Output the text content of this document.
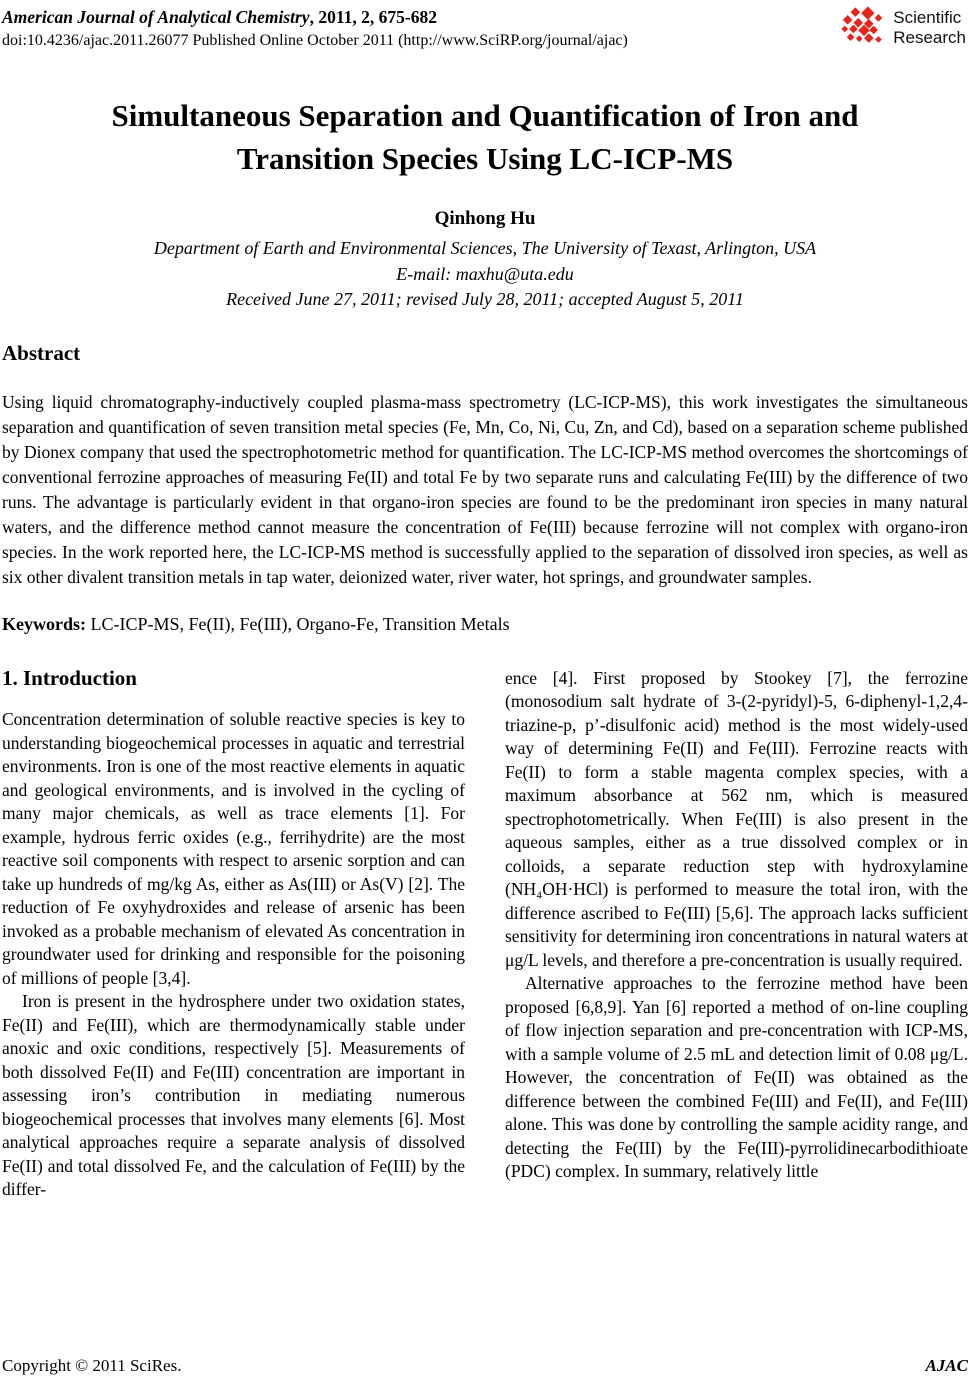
American Journal of Analytical Chemistry, 2011, 2, 675-682
doi:10.4236/ajac.2011.26077 Published Online October 2011 (http://www.SciRP.org/journal/ajac)
Scientific
Research
Simultaneous Separation and Quantification of Iron and
Transition Species Using LC-ICP-MS
Qinhong Hu
Department of Earth and Environmental Sciences, The University of Texast, Arlington, USA
E-mail: maxhu@uta.edu
Received June 27, 2011; revised July 28, 2011; accepted August 5, 2011
Abstract

Using liquid chromatography-inductively coupled plasma-mass spectrometry (LC-ICP-MS), this work investigates the simultaneous separation and quantification of seven transition metal species (Fe, Mn, Co, Ni, Cu, Zn, and Cd), based on a separation scheme published by Dionex company that used the spectrophotometric method for quantification. The LC-ICP-MS method overcomes the shortcomings of conventional ferrozine approaches of measuring Fe(II) and total Fe by two separate runs and calculating Fe(III) by the difference of two runs. The advantage is particularly evident in that organo-iron species are found to be the predominant iron species in many natural waters, and the difference method cannot measure the concentration of Fe(III) because ferrozine will not complex with organo-iron species. In the work reported here, the LC-ICP-MS method is successfully applied to the separation of dissolved iron species, as well as six other divalent transition metals in tap water, deionized water, river water, hot springs, and groundwater samples.

Keywords: LC-ICP-MS, Fe(II), Fe(III), Organo-Fe, Transition Metals
1. Introduction

Concentration determination of soluble reactive species is key to understanding biogeochemical processes in aquatic and terrestrial environments. Iron is one of the most reactive elements in aquatic and geological environments, and is involved in the cycling of many major chemicals, as well as trace elements [1]. For example, hydrous ferric oxides (e.g., ferrihydrite) are the most reactive soil components with respect to arsenic sorption and can take up hundreds of mg/kg As, either as As(III) or As(V) [2]. The reduction of Fe oxyhydroxides and release of arsenic has been invoked as a probable mechanism of elevated As concentration in groundwater used for drinking and responsible for the poisoning of millions of people [3,4].

Iron is present in the hydrosphere under two oxidation states, Fe(II) and Fe(III), which are thermodynamically stable under anoxic and oxic conditions, respectively [5]. Measurements of both dissolved Fe(II) and Fe(III) concentration are important in assessing iron’s contribution in mediating numerous biogeochemical processes that involves many elements [6]. Most analytical approaches require a separate analysis of dissolved Fe(II) and total dissolved Fe, and the calculation of Fe(III) by the differ-

ence [4]. First proposed by Stookey [7], the ferrozine (monosodium salt hydrate of 3-(2-pyridyl)-5, 6-diphenyl-1,2,4-triazine-p, p’-disulfonic acid) method is the most widely-used way of determining Fe(II) and Fe(III). Ferrozine reacts with Fe(II) to form a stable magenta complex species, with a maximum absorbance at 562 nm, which is measured spectrophotometrically. When Fe(III) is also present in the aqueous samples, either as a true dissolved complex or in colloids, a separate reduction step with hydroxylamine (NH₄OH·HCl) is performed to measure the total iron, with the difference ascribed to Fe(III) [5,6]. The approach lacks sufficient sensitivity for determining iron concentrations in natural waters at μg/L levels, and therefore a pre-concentration is usually required.

Alternative approaches to the ferrozine method have been proposed [6,8,9]. Yan [6] reported a method of on-line coupling of flow injection separation and pre-concentration with ICP-MS, with a sample volume of 2.5 mL and detection limit of 0.08 μg/L. However, the concentration of Fe(II) was obtained as the difference between the combined Fe(III) and Fe(II), and Fe(III) alone. This was done by controlling the sample acidity range, and detecting the Fe(III) by the Fe(III)-pyrrolidinecarbodithioate (PDC) complex. In summary, relatively little

Copyright © 2011 SciRes.	AJAC
